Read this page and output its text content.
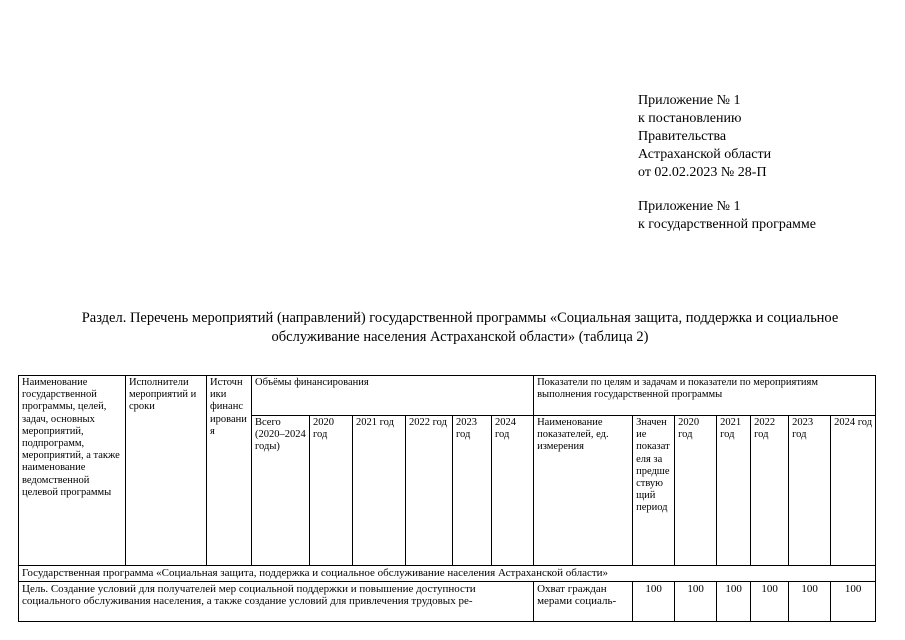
Приложение № 1
к постановлению
Правительства
Астраханской области
от 02.02.2023 № 28-П
Приложение № 1
к государственной программе
Раздел. Перечень мероприятий (направлений) государственной программы «Социальная защита, поддержка и социальное обслуживание населения Астраханской области» (таблица 2)
Наименование государственной программы, целей, задач, основных мероприятий, подпрограмм, мероприятий, а также наименование ведомственной целевой программы	Исполнители мероприятий и сроки	Источники финансирования	Объёмы финансирования						Показатели по целям и задачам и показатели по мероприятиям выполнения государственной программы						
			Всего (2020–2024 годы)	2020 год	2021 год	2022 год	2023 год	2024 год	Наименование показателей, ед. измерения	Значение показателя за предшествующий период	2020 год	2021 год	2022 год	2023 год	2024 год
Государственная программа «Социальная защита, поддержка и социальное обслуживание населения Астраханской области»															
Цель. Создание условий для получателей мер социальной поддержки и повышение доступности социального обслуживания населения, а также создание условий для привлечения трудовых ре-									Охват граждан мерами социаль-	100	100	100	100	100	100
